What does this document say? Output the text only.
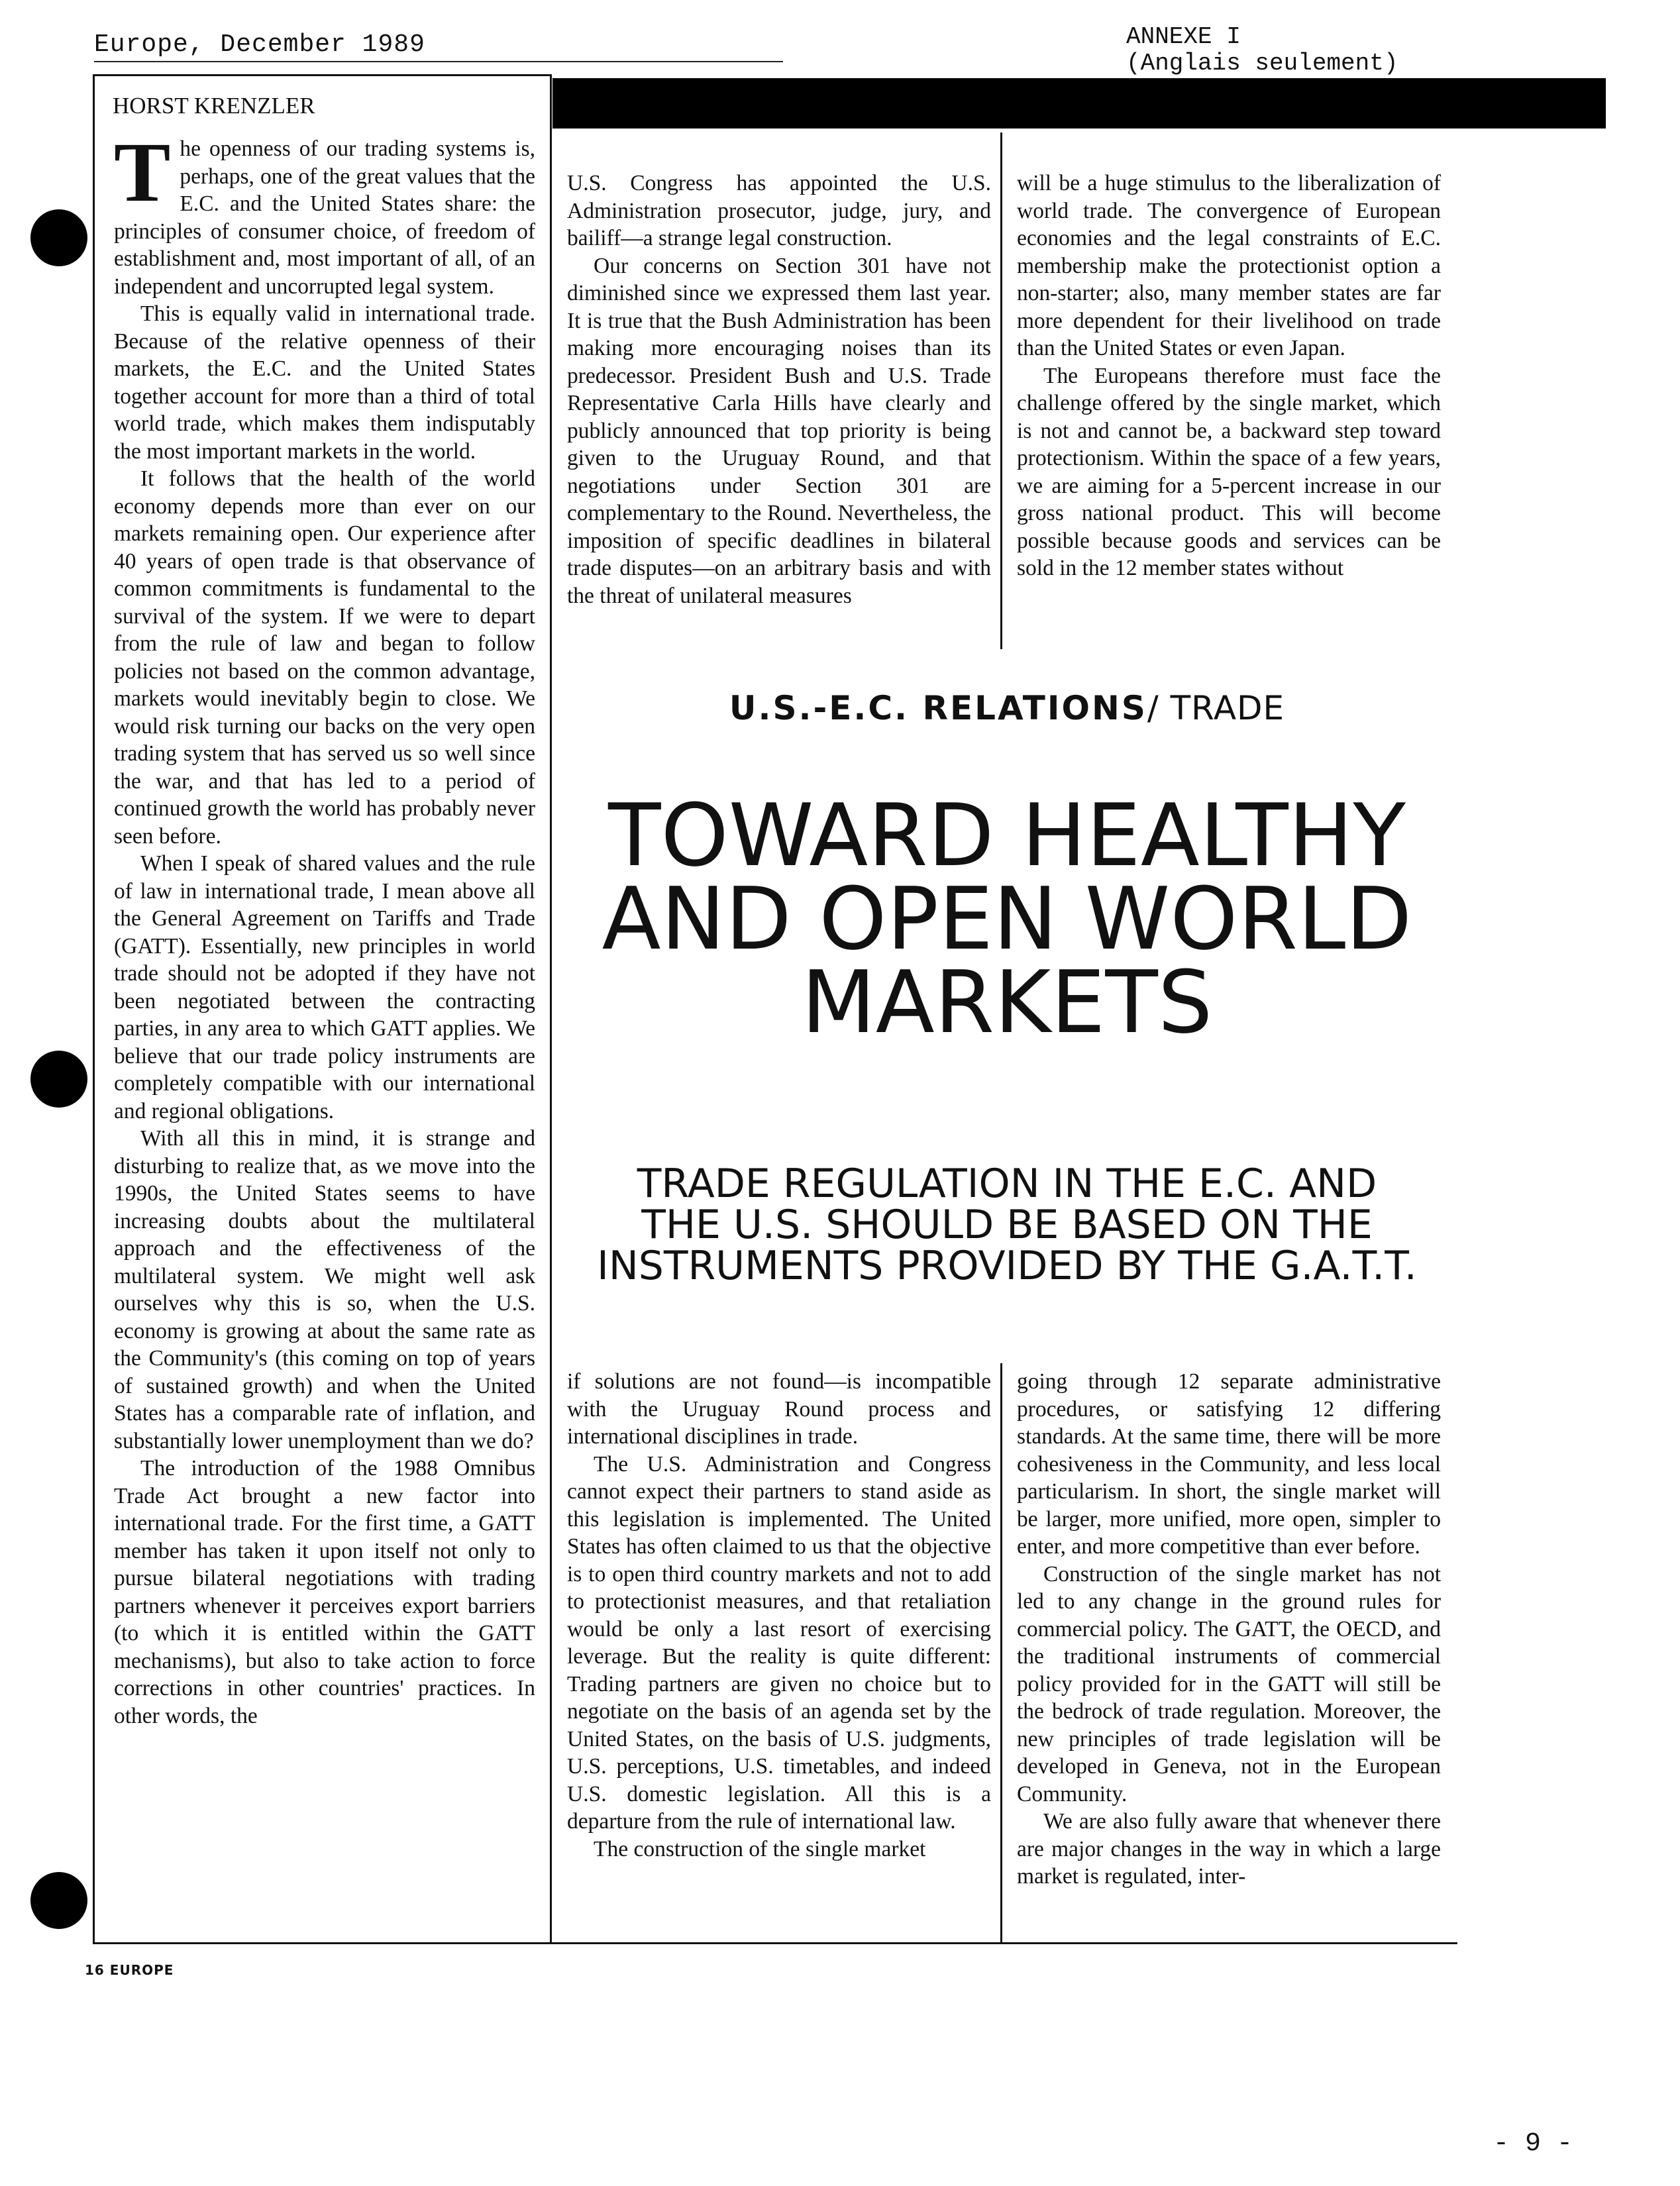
Europe, December 1989	ANNEXE I
(Anglais seulement)
HORST KRENZLER

The openness of our trading systems is, perhaps, one of the great values that the E.C. and the United States share: the principles of consumer choice, of freedom of establishment and, most important of all, of an independent and uncorrupted legal system.

This is equally valid in international trade. Because of the relative openness of their markets, the E.C. and the United States together account for more than a third of total world trade, which makes them indisputably the most important markets in the world.

It follows that the health of the world economy depends more than ever on our markets remaining open. Our experience after 40 years of open trade is that observance of common commitments is fundamental to the survival of the system. If we were to depart from the rule of law and began to follow policies not based on the common advantage, markets would inevitably begin to close. We would risk turning our backs on the very open trading system that has served us so well since the war, and that has led to a period of continued growth the world has probably never seen before.

When I speak of shared values and the rule of law in international trade, I mean above all the General Agreement on Tariffs and Trade (GATT). Essentially, new principles in world trade should not be adopted if they have not been negotiated between the contracting parties, in any area to which GATT applies. We believe that our trade policy instruments are completely compatible with our international and regional obligations.

With all this in mind, it is strange and disturbing to realize that, as we move into the 1990s, the United States seems to have increasing doubts about the multilateral approach and the effectiveness of the multilateral system. We might well ask ourselves why this is so, when the U.S. economy is growing at about the same rate as the Community's (this coming on top of years of sustained growth) and when the United States has a comparable rate of inflation, and substantially lower unemployment than we do?

The introduction of the 1988 Omnibus Trade Act brought a new factor into international trade. For the first time, a GATT member has taken it upon itself not only to pursue bilateral negotiations with trading partners whenever it perceives export barriers (to which it is entitled within the GATT mechanisms), but also to take action to force corrections in other countries' practices. In other words, the

U.S. Congress has appointed the U.S. Administration prosecutor, judge, jury, and bailiff—a strange legal construction.

Our concerns on Section 301 have not diminished since we expressed them last year. It is true that the Bush Administration has been making more encouraging noises than its predecessor. President Bush and U.S. Trade Representative Carla Hills have clearly and publicly announced that top priority is being given to the Uruguay Round, and that negotiations under Section 301 are complementary to the Round. Nevertheless, the imposition of specific deadlines in bilateral trade disputes—on an arbitrary basis and with the threat of unilateral measures

will be a huge stimulus to the liberalization of world trade. The convergence of European economies and the legal constraints of E.C. membership make the protectionist option a non-starter; also, many member states are far more dependent for their livelihood on trade than the United States or even Japan.

The Europeans therefore must face the challenge offered by the single market, which is not and cannot be, a backward step toward protectionism. Within the space of a few years, we are aiming for a 5-percent increase in our gross national product. This will become possible because goods and services can be sold in the 12 member states without

U.S.-E.C. RELATIONS/ TRADE
TOWARD HEALTHY
AND OPEN WORLD
MARKETS
TRADE REGULATION IN THE E.C. AND
THE U.S. SHOULD BE BASED ON THE
INSTRUMENTS PROVIDED BY THE G.A.T.T.

if solutions are not found—is incompatible with the Uruguay Round process and international disciplines in trade.

The U.S. Administration and Congress cannot expect their partners to stand aside as this legislation is implemented. The United States has often claimed to us that the objective is to open third country markets and not to add to protectionist measures, and that retaliation would be only a last resort of exercising leverage. But the reality is quite different: Trading partners are given no choice but to negotiate on the basis of an agenda set by the United States, on the basis of U.S. judgments, U.S. perceptions, U.S. timetables, and indeed U.S. domestic legislation. All this is a departure from the rule of international law.

The construction of the single market

going through 12 separate administrative procedures, or satisfying 12 differing standards. At the same time, there will be more cohesiveness in the Community, and less local particularism. In short, the single market will be larger, more unified, more open, simpler to enter, and more competitive than ever before.

Construction of the single market has not led to any change in the ground rules for commercial policy. The GATT, the OECD, and the traditional instruments of commercial policy provided for in the GATT will still be the bedrock of trade regulation. Moreover, the new principles of trade legislation will be developed in Geneva, not in the European Community.

We are also fully aware that whenever there are major changes in the way in which a large market is regulated, inter-

16 EUROPE
- 9 -
